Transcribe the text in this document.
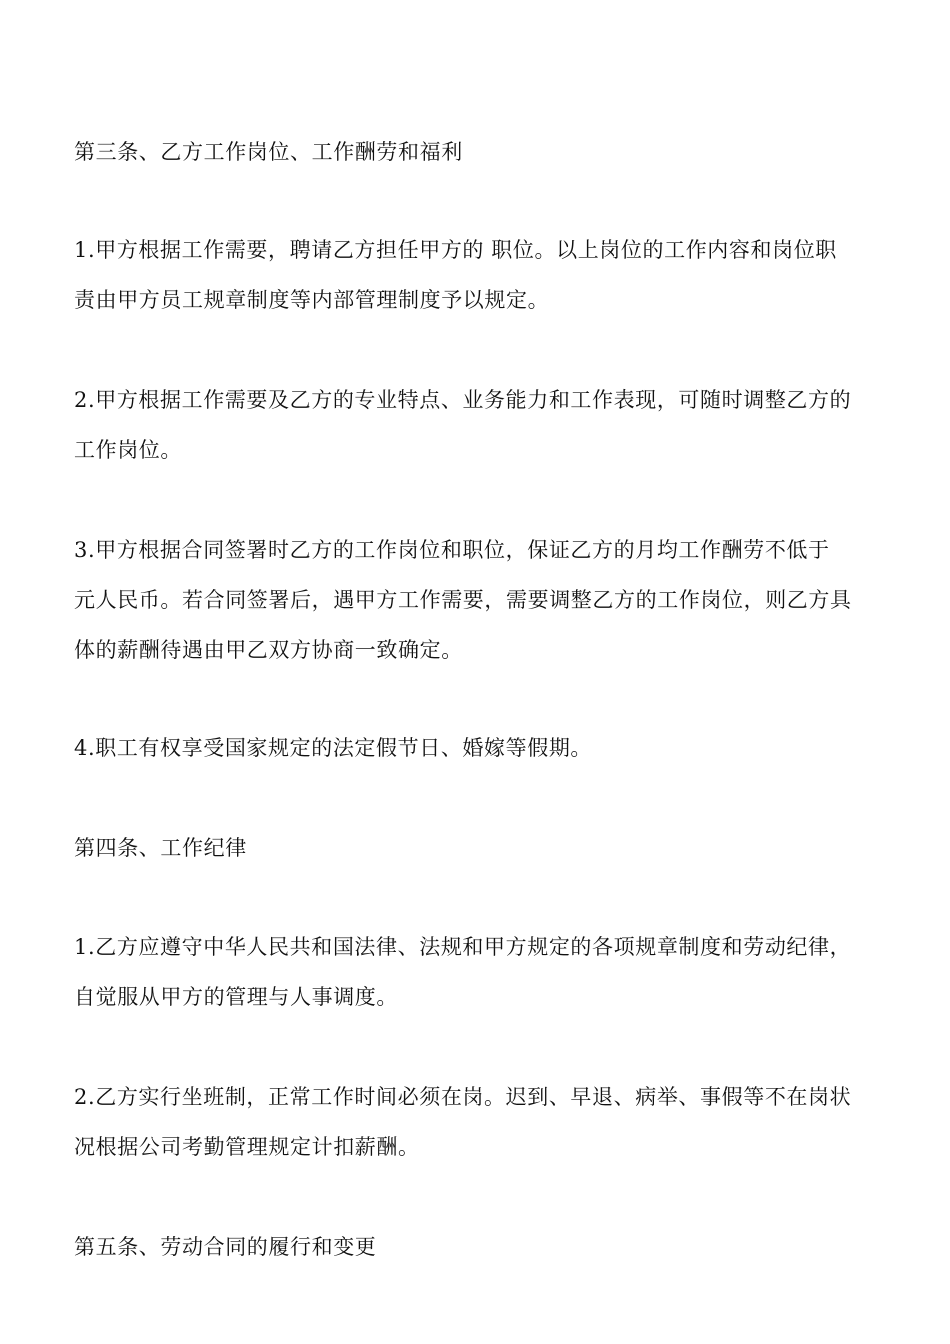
第三条、乙方工作岗位、工作酬劳和福利
1.甲方根据工作需要，聘请乙方担任甲方的 职位。以上岗位的工作内容和岗位职
责由甲方员工规章制度等内部管理制度予以规定。
2.甲方根据工作需要及乙方的专业特点、业务能力和工作表现，可随时调整乙方的
工作岗位。
3.甲方根据合同签署时乙方的工作岗位和职位，保证乙方的月均工作酬劳不低于
元人民币。若合同签署后，遇甲方工作需要，需要调整乙方的工作岗位，则乙方具
体的薪酬待遇由甲乙双方协商一致确定。
4.职工有权享受国家规定的法定假节日、婚嫁等假期。
第四条、工作纪律
1.乙方应遵守中华人民共和国法律、法规和甲方规定的各项规章制度和劳动纪律，
自觉服从甲方的管理与人事调度。
2.乙方实行坐班制，正常工作时间必须在岗。迟到、早退、病举、事假等不在岗状
况根据公司考勤管理规定计扣薪酬。
第五条、劳动合同的履行和变更
